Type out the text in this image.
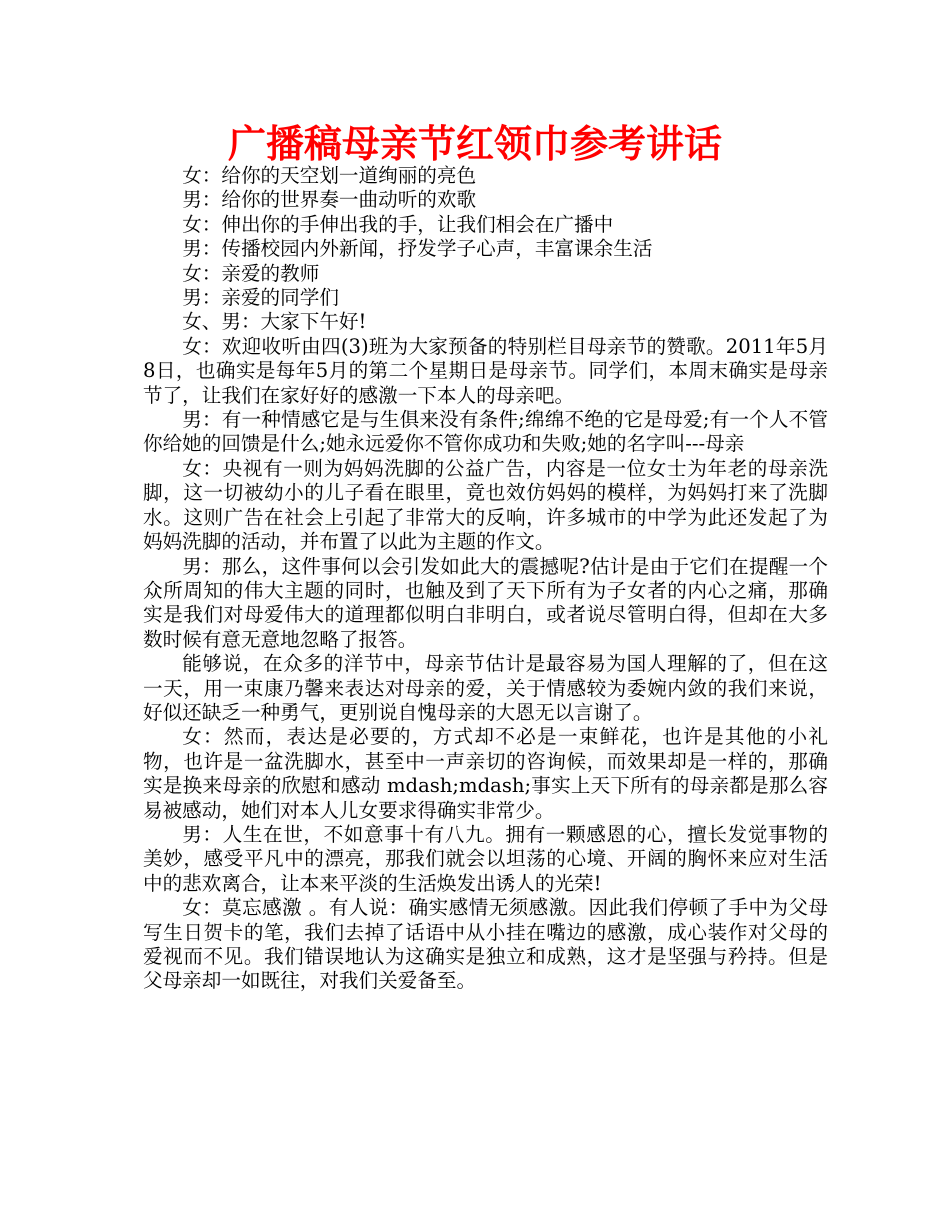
广播稿母亲节红领巾参考讲话

女：给你的天空划一道绚丽的亮色

男：给你的世界奏一曲动听的欢歌

女：伸出你的手伸出我的手，让我们相会在广播中

男：传播校园内外新闻，抒发学子心声，丰富课余生活

女：亲爱的教师

男：亲爱的同学们

女、男：大家下午好!

女：欢迎收听由四(3)班为大家预备的特别栏目母亲节的赞歌。2011年5月8日，也确实是每年5月的第二个星期日是母亲节。同学们，本周末确实是母亲节了，让我们在家好好的感激一下本人的母亲吧。

男：有一种情感它是与生俱来没有条件;绵绵不绝的它是母爱;有一个人不管你给她的回馈是什么;她永远爱你不管你成功和失败;她的名字叫---母亲

女：央视有一则为妈妈洗脚的公益广告，内容是一位女士为年老的母亲洗脚，这一切被幼小的儿子看在眼里，竟也效仿妈妈的模样，为妈妈打来了洗脚水。这则广告在社会上引起了非常大的反响，许多城市的中学为此还发起了为妈妈洗脚的活动，并布置了以此为主题的作文。

男：那么，这件事何以会引发如此大的震撼呢?估计是由于它们在提醒一个众所周知的伟大主题的同时，也触及到了天下所有为子女者的内心之痛，那确实是我们对母爱伟大的道理都似明白非明白，或者说尽管明白得，但却在大多数时候有意无意地忽略了报答。

能够说，在众多的洋节中，母亲节估计是最容易为国人理解的了，但在这一天，用一束康乃馨来表达对母亲的爱，关于情感较为委婉内敛的我们来说，好似还缺乏一种勇气，更别说自愧母亲的大恩无以言谢了。

女：然而，表达是必要的，方式却不必是一束鲜花，也许是其他的小礼物，也许是一盆洗脚水，甚至中一声亲切的咨询候，而效果却是一样的，那确实是换来母亲的欣慰和感动 mdash;mdash;事实上天下所有的母亲都是那么容易被感动，她们对本人儿女要求得确实非常少。

男：人生在世，不如意事十有八九。拥有一颗感恩的心，擅长发觉事物的美妙，感受平凡中的漂亮，那我们就会以坦荡的心境、开阔的胸怀来应对生活中的悲欢离合，让本来平淡的生活焕发出诱人的光荣!

女：莫忘感激 。有人说：确实感情无须感激。因此我们停顿了手中为父母写生日贺卡的笔，我们去掉了话语中从小挂在嘴边的感激，成心装作对父母的爱视而不见。我们错误地认为这确实是独立和成熟，这才是坚强与矜持。但是父母亲却一如既往，对我们关爱备至。
